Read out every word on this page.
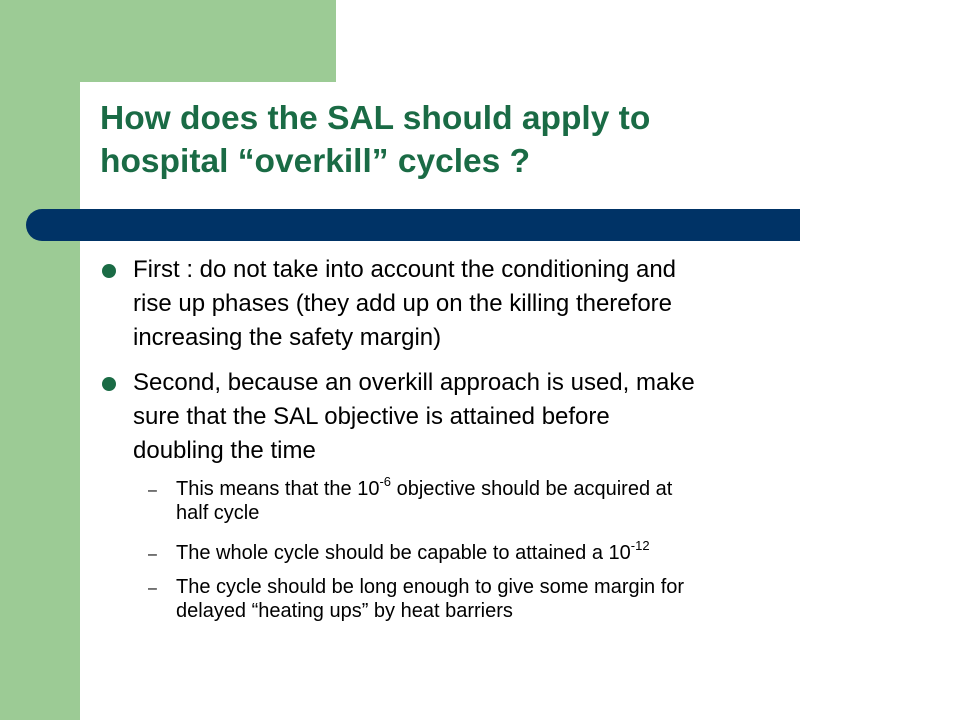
How does the SAL should apply to
hospital “overkill” cycles ?

First : do not take into account the conditioning and
rise up phases (they add up on the killing therefore
increasing the safety margin)

Second, because an overkill approach is used, make
sure that the SAL objective is attained before
doubling the time

– This means that the $10^{-6}$ objective should be acquired at
half cycle

– The whole cycle should be capable to attained a $10^{-12}$

– The cycle should be long enough to give some margin for
delayed “heating ups” by heat barriers
